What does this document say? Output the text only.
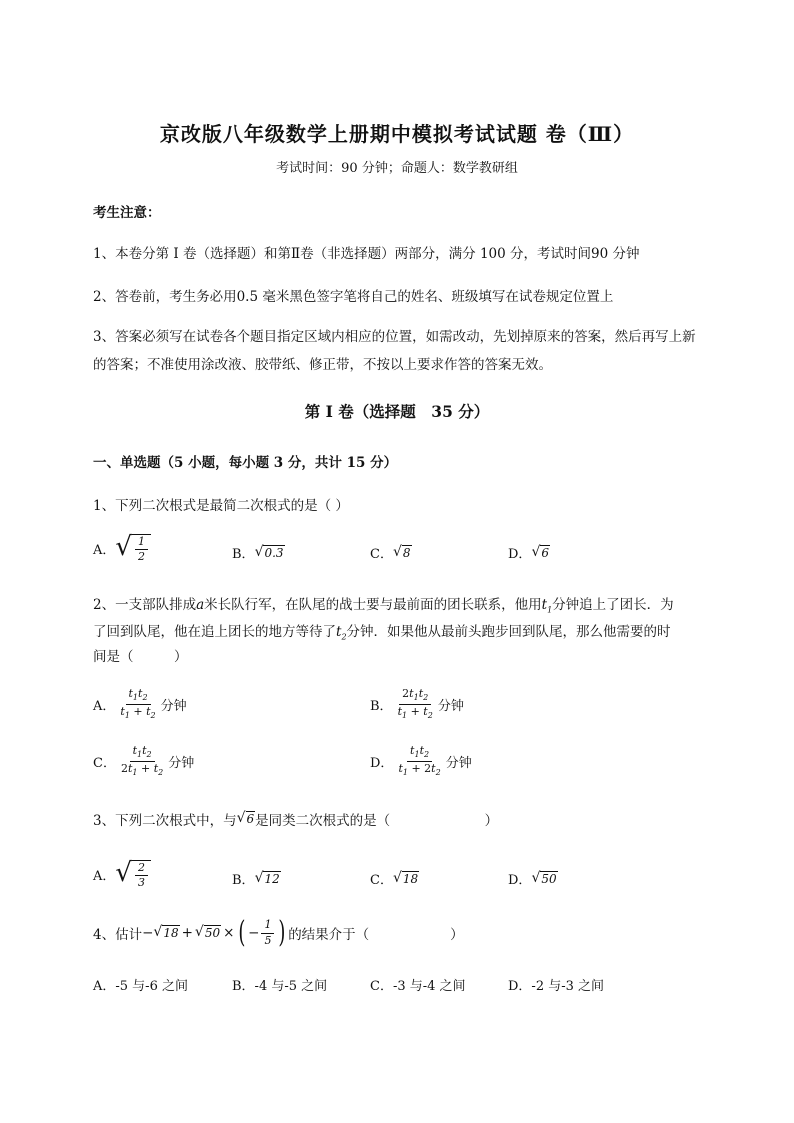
京改版八年级数学上册期中模拟考试试题 卷（Ⅲ）
考试时间：90 分钟；命题人：数学教研组
考生注意：
1、本卷分第 I 卷（选择题）和第Ⅱ卷（非选择题）两部分，满分 100 分，考试时间90 分钟
2、答卷前，考生务必用0.5 毫米黑色签字笔将自己的姓名、班级填写在试卷规定位置上
3、答案必须写在试卷各个题目指定区域内相应的位置，如需改动，先划掉原来的答案，然后再写上新
的答案；不准使用涂改液、胶带纸、修正带，不按以上要求作答的答案无效。
第 I 卷（选择题　35 分）
一、单选题（5 小题，每小题 3 分，共计 15 分）
1、下列二次根式是最简二次根式的是（ ）
A． √ $\frac{1}{2}$	B． √ 0.3	C． √ 8	D． √ 6
2、一支部队排成a米长队行军，在队尾的战士要与最前面的团长联系，他用$t_1$分钟追上了团长．为
了回到队尾，他在追上团长的地方等待了$t_2$分钟．如果他从最前头跑步回到队尾，那么他需要的时
间是（　　　）
A． $\frac{t_1t_2}{t_1 + t_2}$ 分钟	B． $\frac{2t_1t_2}{t_1 + t_2}$ 分钟
C． $\frac{t_1t_2}{2t_1 + t_2}$ 分钟	D． $\frac{t_1t_2}{t_1 + 2t_2}$ 分钟
3、下列二次根式中，与 √ 6 是同类二次根式的是（　　　　　　　）
A． √ $\frac{2}{3}$	B． √ 12	C． √ 18	D． √ 50
4、估计 − √ 18 + √ 50 × ( − $\frac{1}{5}$ ) 的结果介于（　　　　　　）
A．-5 与-6 之间	B．-4 与-5 之间	C．-3 与-4 之间	D．-2 与-3 之间
